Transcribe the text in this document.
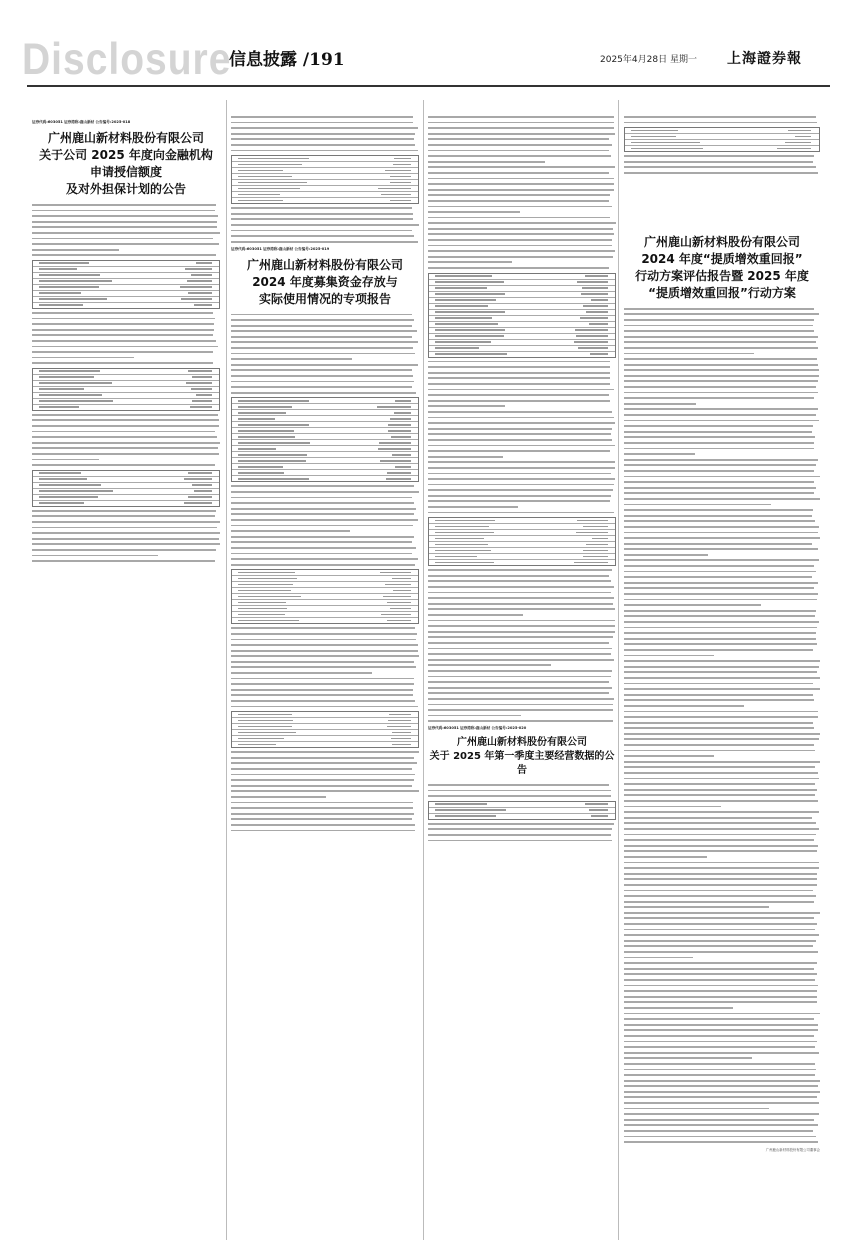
Disclosure
信息披露 /191	2025年4月28日 星期一 上海證券報
证券代码:603051 证券简称:鹿山新材 公告编号:2025-018
广州鹿山新材料股份有限公司
关于公司 2025 年度向金融机构
申请授信额度
及对外担保计划的公告
证券代码:603051 证券简称:鹿山新材 公告编号:2025-019
广州鹿山新材料股份有限公司
2024 年度募集资金存放与
实际使用情况的专项报告
证券代码:603051 证券简称:鹿山新材 公告编号:2025-020
广州鹿山新材料股份有限公司
关于 2025 年第一季度主要经营数据的公告
广州鹿山新材料股份有限公司
2024 年度“提质增效重回报”
行动方案评估报告暨 2025 年度
“提质增效重回报”行动方案
广州鹿山新材料股份有限公司董事会
